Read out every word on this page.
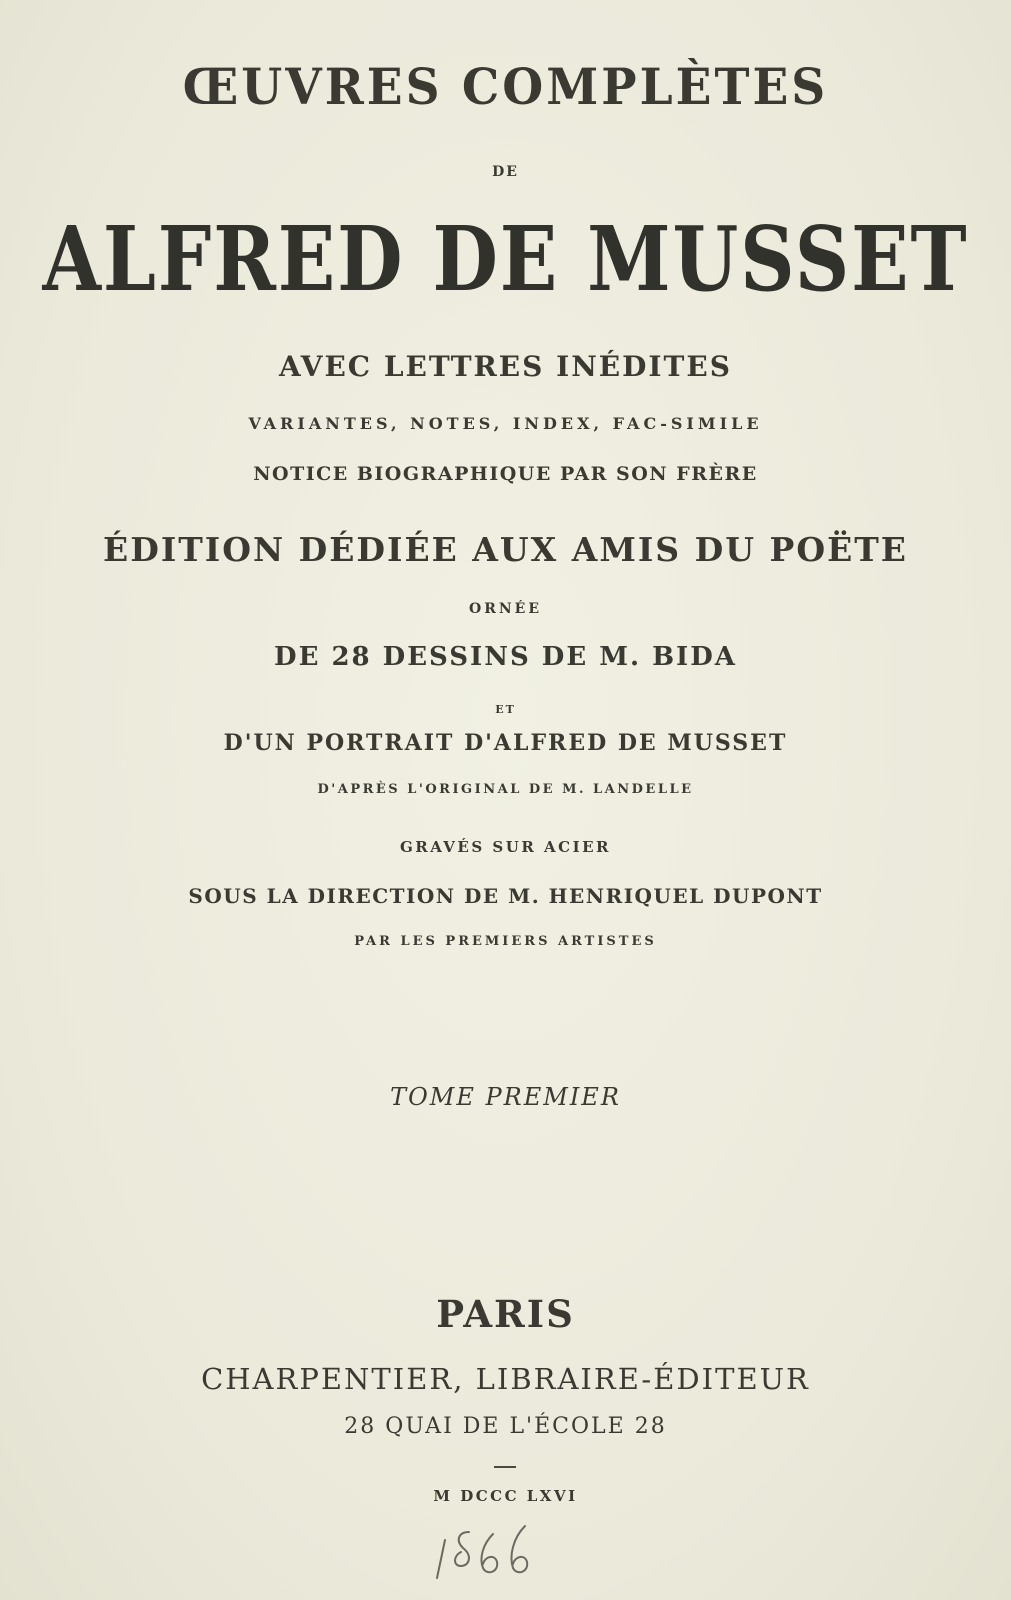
ŒUVRES COMPLÈTES
DE
ALFRED DE MUSSET
AVEC LETTRES INÉDITES
VARIANTES, NOTES, INDEX, FAC-SIMILE
NOTICE BIOGRAPHIQUE PAR SON FRÈRE
ÉDITION DÉDIÉE AUX AMIS DU POËTE
ORNÉE
DE 28 DESSINS DE M. BIDA
ET
D'UN PORTRAIT D'ALFRED DE MUSSET
D'APRÈS L'ORIGINAL DE M. LANDELLE
GRAVÉS SUR ACIER
SOUS LA DIRECTION DE M. HENRIQUEL DUPONT
PAR LES PREMIERS ARTISTES
TOME PREMIER
PARIS
CHARPENTIER, LIBRAIRE-ÉDITEUR
28 QUAI DE L'ÉCOLE 28
M DCCC LXVI
